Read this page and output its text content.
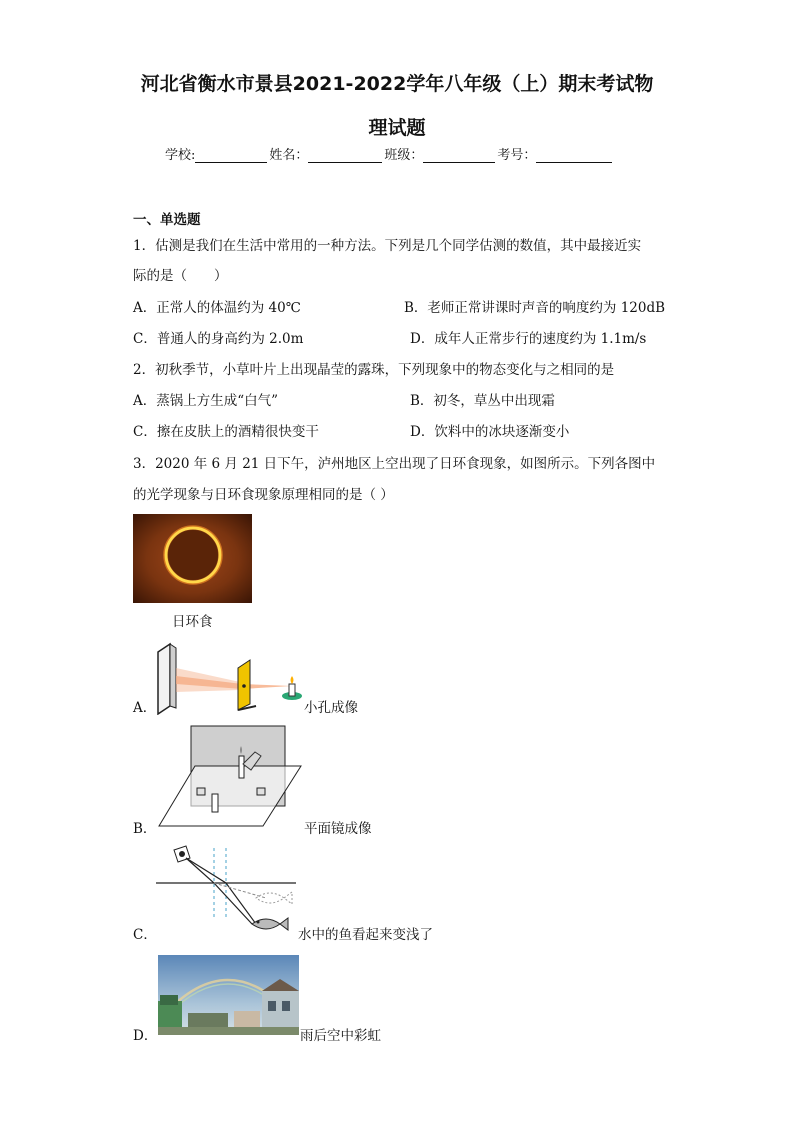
河北省衡水市景县2021-2022学年八年级（上）期末考试物
理试题
学校:	姓名：	班级：	考号：
一、单选题
1．估测是我们在生活中常用的一种方法。下列是几个同学估测的数值，其中最接近实
际的是（　　）
A．正常人的体温约为 40℃	B．老师正常讲课时声音的响度约为 120dB
C．普通人的身高约为 2.0m	D．成年人正常步行的速度约为 1.1m/s
2．初秋季节，小草叶片上出现晶莹的露珠，下列现象中的物态变化与之相同的是
A．蒸锅上方生成“白气”	B．初冬，草丛中出现霜
C．擦在皮肤上的酒精很快变干	D．饮料中的冰块逐渐变小
3．2020 年 6 月 21 日下午，泸州地区上空出现了日环食现象，如图所示。下列各图中
的光学现象与日环食现象原理相同的是（ ）
日环食
A．	小孔成像
B．	平面镜成像
C．	水中的鱼看起来变浅了
D．	雨后空中彩虹
